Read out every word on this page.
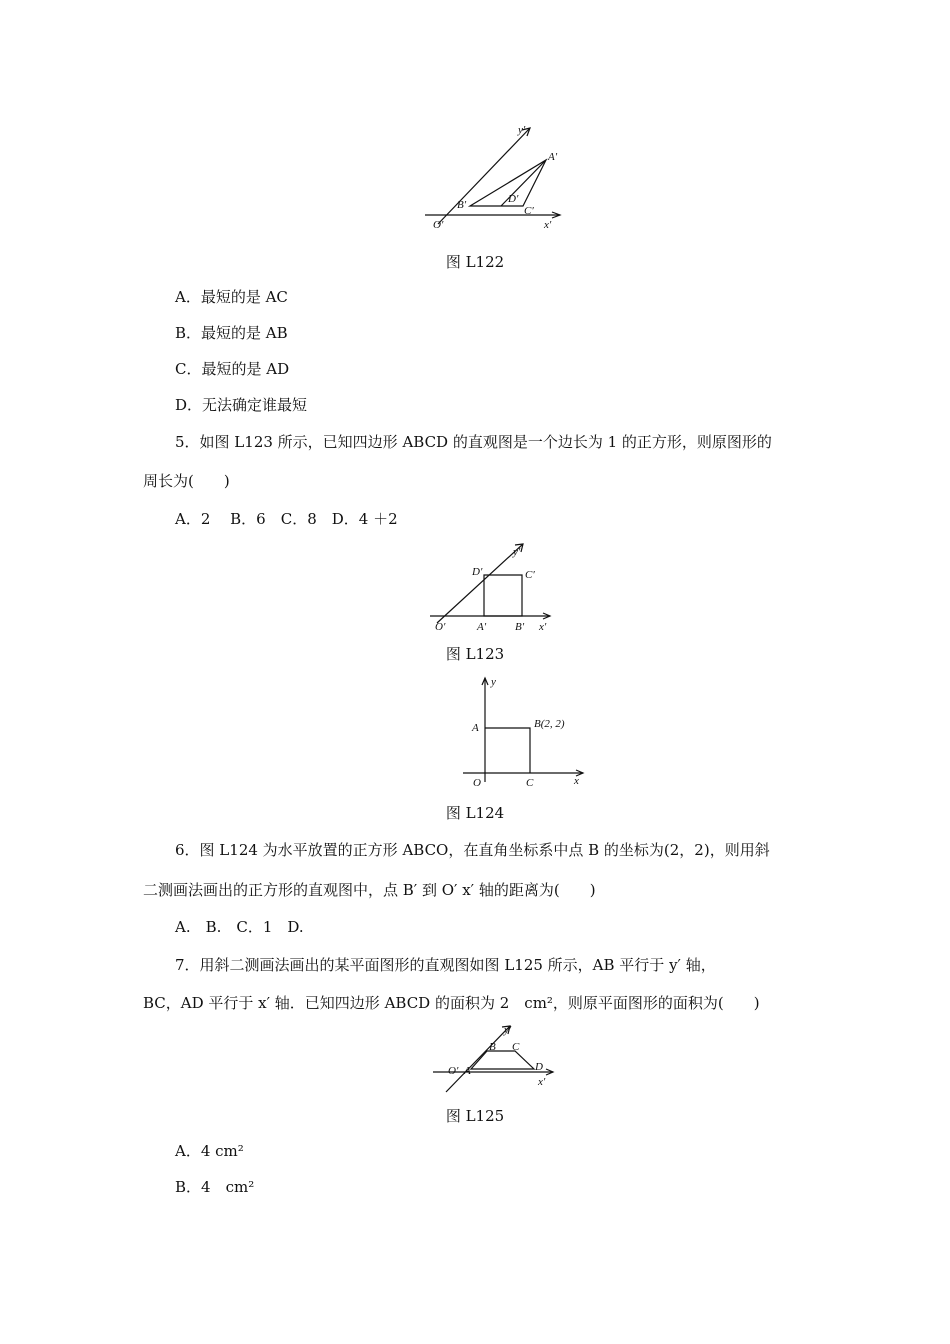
y′
A′
B′	D′
C′
O′	x′
图 L122
A．最短的是 AC
B．最短的是 AB
C．最短的是 AD
D．无法确定谁最短
5．如图 L123 所示，已知四边形 ABCD 的直观图是一个边长为 1 的正方形，则原图形的
周长为(　　)
A．2　 B．6　C．8　D．4 ＋2
y′
D′	C′
O′	A′	B′ x′
图 L123
y
A	B(2, 2)
O	C	x
图 L124
6．图 L124 为水平放置的正方形 ABCO，在直角坐标系中点 B 的坐标为(2，2)，则用斜
二测画法画出的正方形的直观图中，点 B′ 到 O′ x′ 轴的距离为(　　)
A.　B.　C．1　D.
7．用斜二测画法画出的某平面图形的直观图如图 L125 所示，AB 平行于 y′ 轴，
BC，AD 平行于 x′ 轴．已知四边形 ABCD 的面积为 2　cm²，则原平面图形的面积为(　　)
y′
B C
O′ A	D
x′
图 L125
A．4 cm²
B．4　cm²
